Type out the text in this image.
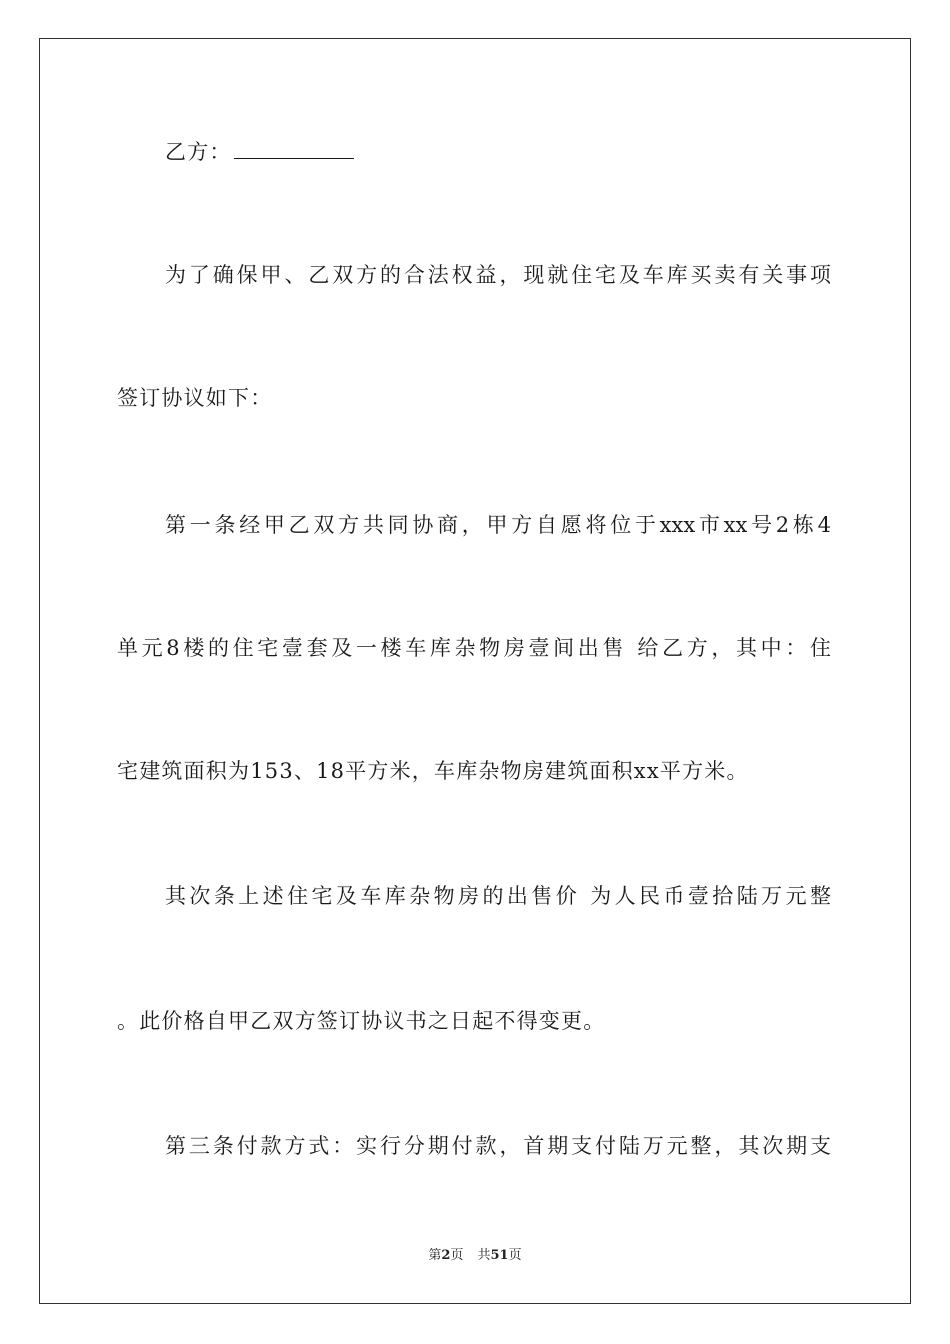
乙方：
为了确保甲、乙双方的合法权益，现就住宅及车库买卖有关事项
签订协议如下：
第一条经甲乙双方共同协商，甲方自愿将位于xxx市xx号2栋4
单元8楼的住宅壹套及一楼车库杂物房壹间出售 给乙方，其中：住
宅建筑面积为153、18平方米，车库杂物房建筑面积xx平方米。
其次条上述住宅及车库杂物房的出售价 为人民币壹拾陆万元整
。此价格自甲乙双方签订协议书之日起不得变更。
第三条付款方式：实行分期付款，首期支付陆万元整，其次期支
第2页 共51页
